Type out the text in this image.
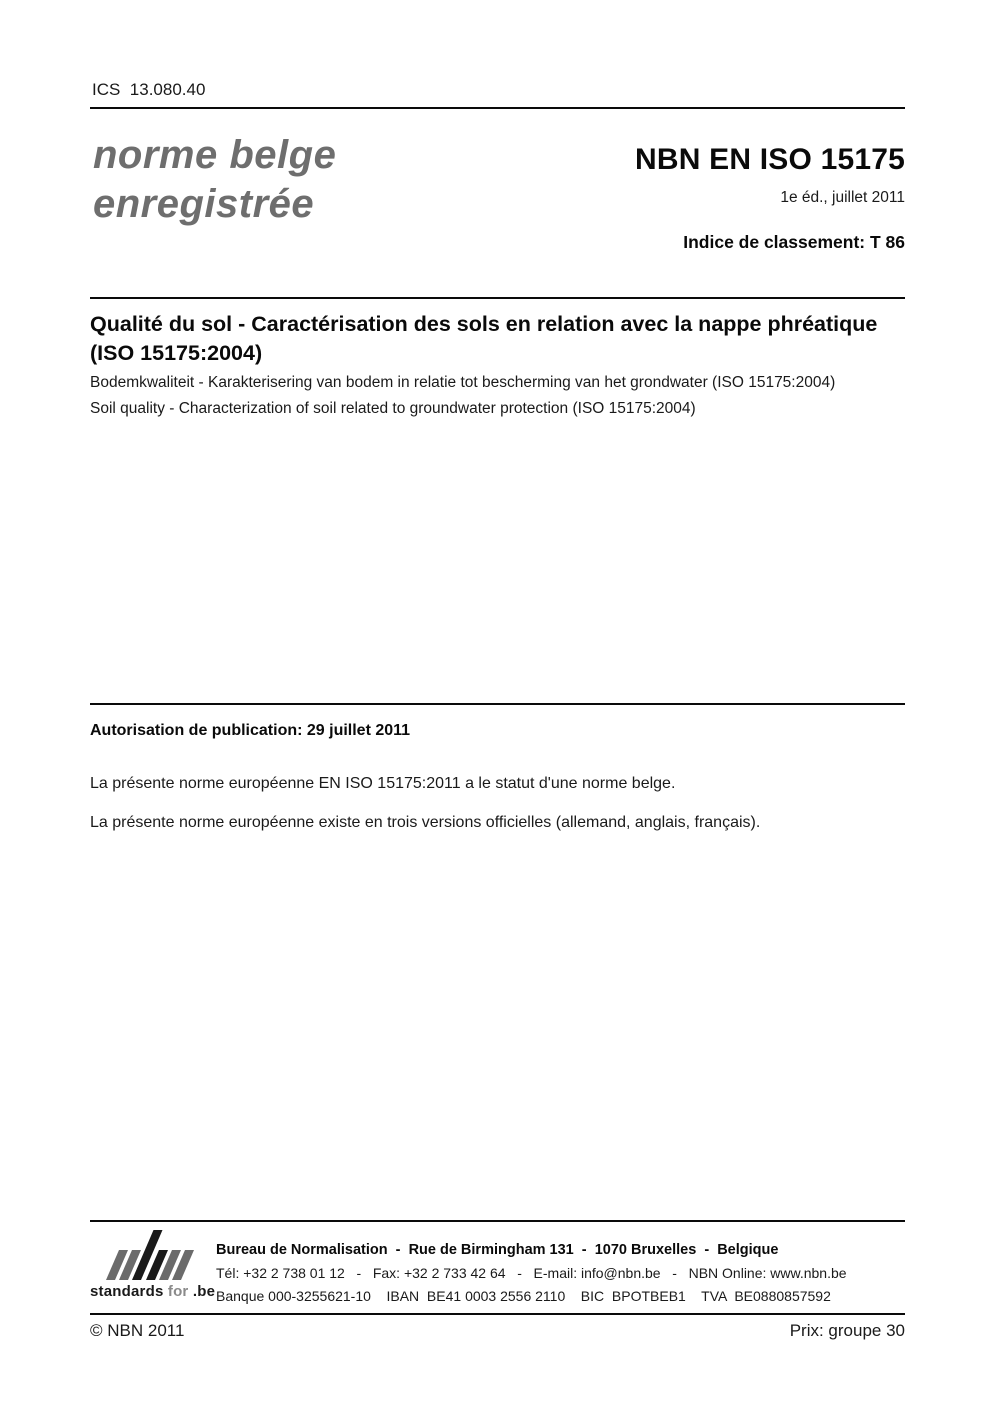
ICS  13.080.40
norme belge
enregistrée
NBN EN ISO 15175
1e éd., juillet 2011
Indice de classement: T 86
Qualité du sol - Caractérisation des sols en relation avec la nappe phréatique (ISO 15175:2004)
Bodemkwaliteit - Karakterisering van bodem in relatie tot bescherming van het grondwater (ISO 15175:2004)
Soil quality - Characterization of soil related to groundwater protection (ISO 15175:2004)
Autorisation de publication: 29 juillet 2011
La présente norme européenne EN ISO 15175:2011 a le statut d'une norme belge.
La présente norme européenne existe en trois versions officielles (allemand, anglais, français).
standards for .be
Bureau de Normalisation  -  Rue de Birmingham 131  -  1070 Bruxelles  -  Belgique
Tél: +32 2 738 01 12   -   Fax: +32 2 733 42 64   -   E-mail: info@nbn.be   -   NBN Online: www.nbn.be
Banque 000-3255621-10    IBAN  BE41 0003 2556 2110    BIC  BPOTBEB1    TVA  BE0880857592
© NBN 2011	Prix: groupe 30
